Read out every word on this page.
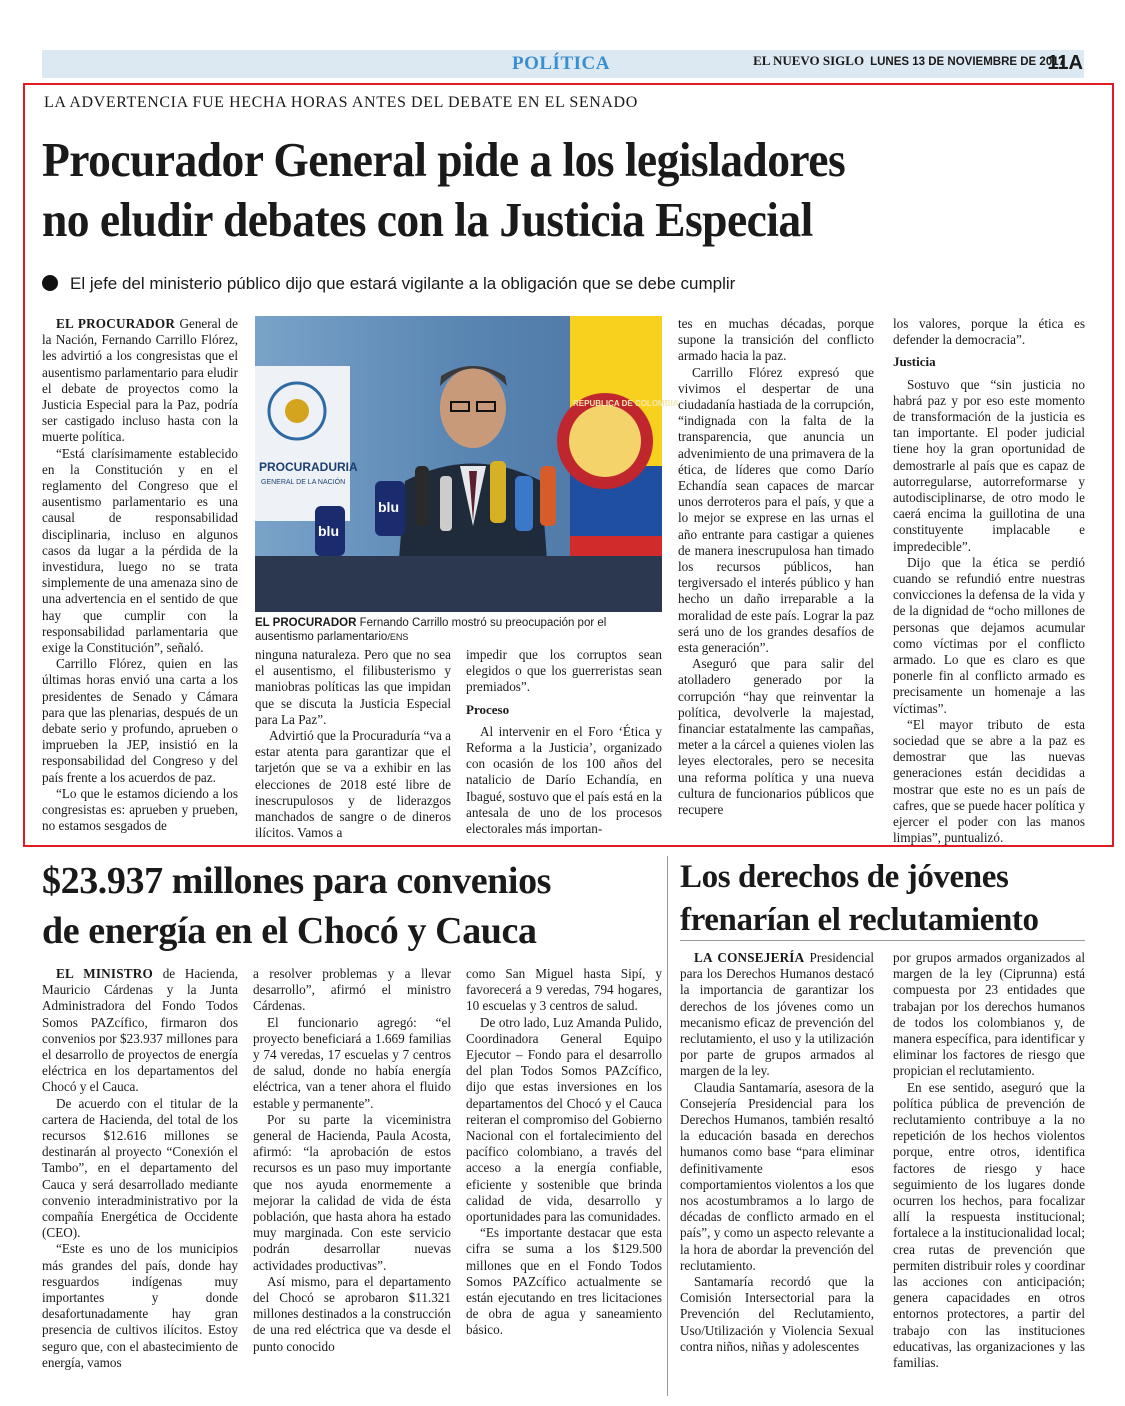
POLÍTICA	EL NUEVO SIGLO LUNES 13 DE NOVIEMBRE DE 2017
11A
LA ADVERTENCIA FUE HECHA HORAS ANTES DEL DEBATE EN EL SENADO
Procurador General pide a los legisladores
no eludir debates con la Justicia Especial
El jefe del ministerio público dijo que estará vigilante a la obligación que se debe cumplir

EL PROCURADOR General de la Nación, Fernando Carrillo Flórez, les advirtió a los congresistas que el ausentismo parlamentario para eludir el debate de proyectos como la Justicia Especial para la Paz, podría ser castigado incluso hasta con la muerte política.

“Está clarísimamente establecido en la Constitución y en el reglamento del Congreso que el ausentismo parlamentario es una causal de responsabilidad disciplinaria, incluso en algunos casos da lugar a la pérdida de la investidura, luego no se trata simplemente de una amenaza sino de una advertencia en el sentido de que hay que cumplir con la responsabilidad parlamentaria que exige la Constitución”, señaló.

Carrillo Flórez, quien en las últimas horas envió una carta a los presidentes de Senado y Cámara para que las plenarias, después de un debate serio y profundo, aprueben o imprueben la JEP, insistió en la responsabilidad del Congreso y del país frente a los acuerdos de paz.

“Lo que le estamos diciendo a los congresistas es: aprueben y prueben, no estamos sesgados de

PROCURADURIA
GENERAL DE LA NACIÓN
REPUBLICA DE COLOMBIA
blu
blu
EL PROCURADOR Fernando Carrillo mostró su preocupación por el ausentismo parlamentario/ENS

ninguna naturaleza. Pero que no sea el ausentismo, el filibusterismo y maniobras políticas las que impidan que se discuta la Justicia Especial para La Paz”.

Advirtió que la Procuraduría “va a estar atenta para garantizar que el tarjetón que se va a exhibir en las elecciones de 2018 esté libre de inescrupulosos y de liderazgos manchados de sangre o de dineros ilícitos. Vamos a

impedir que los corruptos sean elegidos o que los guerreristas sean premiados”.

Proceso

Al intervenir en el Foro ‘Ética y Reforma a la Justicia’, organizado con ocasión de los 100 años del natalicio de Darío Echandía, en Ibagué, sostuvo que el país está en la antesala de uno de los procesos electorales más importan-

tes en muchas décadas, porque supone la transición del conflicto armado hacia la paz.

Carrillo Flórez expresó que vivimos el despertar de una ciudadanía hastiada de la corrupción, “indignada con la falta de la transparencia, que anuncia un advenimiento de una primavera de la ética, de líderes que como Darío Echandía sean capaces de marcar unos derroteros para el país, y que a lo mejor se exprese en las urnas el año entrante para castigar a quienes de manera inescrupulosa han timado los recursos públicos, han tergiversado el interés público y han hecho un daño irreparable a la moralidad de este país. Lograr la paz será uno de los grandes desafíos de esta generación”.

Aseguró que para salir del atolladero generado por la corrupción “hay que reinventar la política, devolverle la majestad, financiar estatalmente las campañas, meter a la cárcel a quienes violen las leyes electorales, pero se necesita una reforma política y una nueva cultura de funcionarios públicos que recupere

los valores, porque la ética es defender la democracia”.

Justicia

Sostuvo que “sin justicia no habrá paz y por eso este momento de transformación de la justicia es tan importante. El poder judicial tiene hoy la gran oportunidad de demostrarle al país que es capaz de autorregularse, autorreformarse y autodisciplinarse, de otro modo le caerá encima la guillotina de una constituyente implacable e impredecible”.

Dijo que la ética se perdió cuando se refundió entre nuestras convicciones la defensa de la vida y de la dignidad de “ocho millones de personas que dejamos acumular como víctimas por el conflicto armado. Lo que es claro es que ponerle fin al conflicto armado es precisamente un homenaje a las víctimas”.

“El mayor tributo de esta sociedad que se abre a la paz es demostrar que las nuevas generaciones están decididas a mostrar que este no es un país de cafres, que se puede hacer política y ejercer el poder con las manos limpias”, puntualizó.

$23.937 millones para convenios
de energía en el Chocó y Cauca

EL MINISTRO de Hacienda, Mauricio Cárdenas y la Junta Administradora del Fondo Todos Somos PAZcífico, firmaron dos convenios por $23.937 millones para el desarrollo de proyectos de energía eléctrica en los departamentos del Chocó y el Cauca.

De acuerdo con el titular de la cartera de Hacienda, del total de los recursos $12.616 millones se destinarán al proyecto “Conexión el Tambo”, en el departamento del Cauca y será desarrollado mediante convenio interadministrativo por la compañía Energética de Occidente (CEO).

“Este es uno de los municipios más grandes del país, donde hay resguardos indígenas muy importantes y donde desafortunadamente hay gran presencia de cultivos ilícitos. Estoy seguro que, con el abastecimiento de energía, vamos

a resolver problemas y a llevar desarrollo”, afirmó el ministro Cárdenas.

El funcionario agregó: “el proyecto beneficiará a 1.669 familias y 74 veredas, 17 escuelas y 7 centros de salud, donde no había energía eléctrica, van a tener ahora el fluido estable y permanente”.

Por su parte la viceministra general de Hacienda, Paula Acosta, afirmó: “la aprobación de estos recursos es un paso muy importante que nos ayuda enormemente a mejorar la calidad de vida de ésta población, que hasta ahora ha estado muy marginada. Con este servicio podrán desarrollar nuevas actividades productivas”.

Así mismo, para el departamento del Chocó se aprobaron $11.321 millones destinados a la construcción de una red eléctrica que va desde el punto conocido

como San Miguel hasta Sipí, y favorecerá a 9 veredas, 794 hogares, 10 escuelas y 3 centros de salud.

De otro lado, Luz Amanda Pulido, Coordinadora General Equipo Ejecutor – Fondo para el desarrollo del plan Todos Somos PAZcífico, dijo que estas inversiones en los departamentos del Chocó y el Cauca reiteran el compromiso del Gobierno Nacional con el fortalecimiento del pacífico colombiano, a través del acceso a la energía confiable, eficiente y sostenible que brinda calidad de vida, desarrollo y oportunidades para las comunidades.

“Es importante destacar que esta cifra se suma a los $129.500 millones que en el Fondo Todos Somos PAZcífico actualmente se están ejecutando en tres licitaciones de obra de agua y saneamiento básico.

Los derechos de jóvenes
frenarían el reclutamiento

LA CONSEJERÍA Presidencial para los Derechos Humanos destacó la importancia de garantizar los derechos de los jóvenes como un mecanismo eficaz de prevención del reclutamiento, el uso y la utilización por parte de grupos armados al margen de la ley.

Claudia Santamaría, asesora de la Consejería Presidencial para los Derechos Humanos, también resaltó la educación basada en derechos humanos como base “para eliminar definitivamente esos comportamientos violentos a los que nos acostumbramos a lo largo de décadas de conflicto armado en el país”, y como un aspecto relevante a la hora de abordar la prevención del reclutamiento.

Santamaría recordó que la Comisión Intersectorial para la Prevención del Reclutamiento, Uso/Utilización y Violencia Sexual contra niños, niñas y adolescentes

por grupos armados organizados al margen de la ley (Ciprunna) está compuesta por 23 entidades que trabajan por los derechos humanos de todos los colombianos y, de manera específica, para identificar y eliminar los factores de riesgo que propician el reclutamiento.

En ese sentido, aseguró que la política pública de prevención de reclutamiento contribuye a la no repetición de los hechos violentos porque, entre otros, identifica factores de riesgo y hace seguimiento de los lugares donde ocurren los hechos, para focalizar allí la respuesta institucional; fortalece a la institucionalidad local; crea rutas de prevención que permiten distribuir roles y coordinar las acciones con anticipación; genera capacidades en otros entornos protectores, a partir del trabajo con las instituciones educativas, las organizaciones y las familias.
